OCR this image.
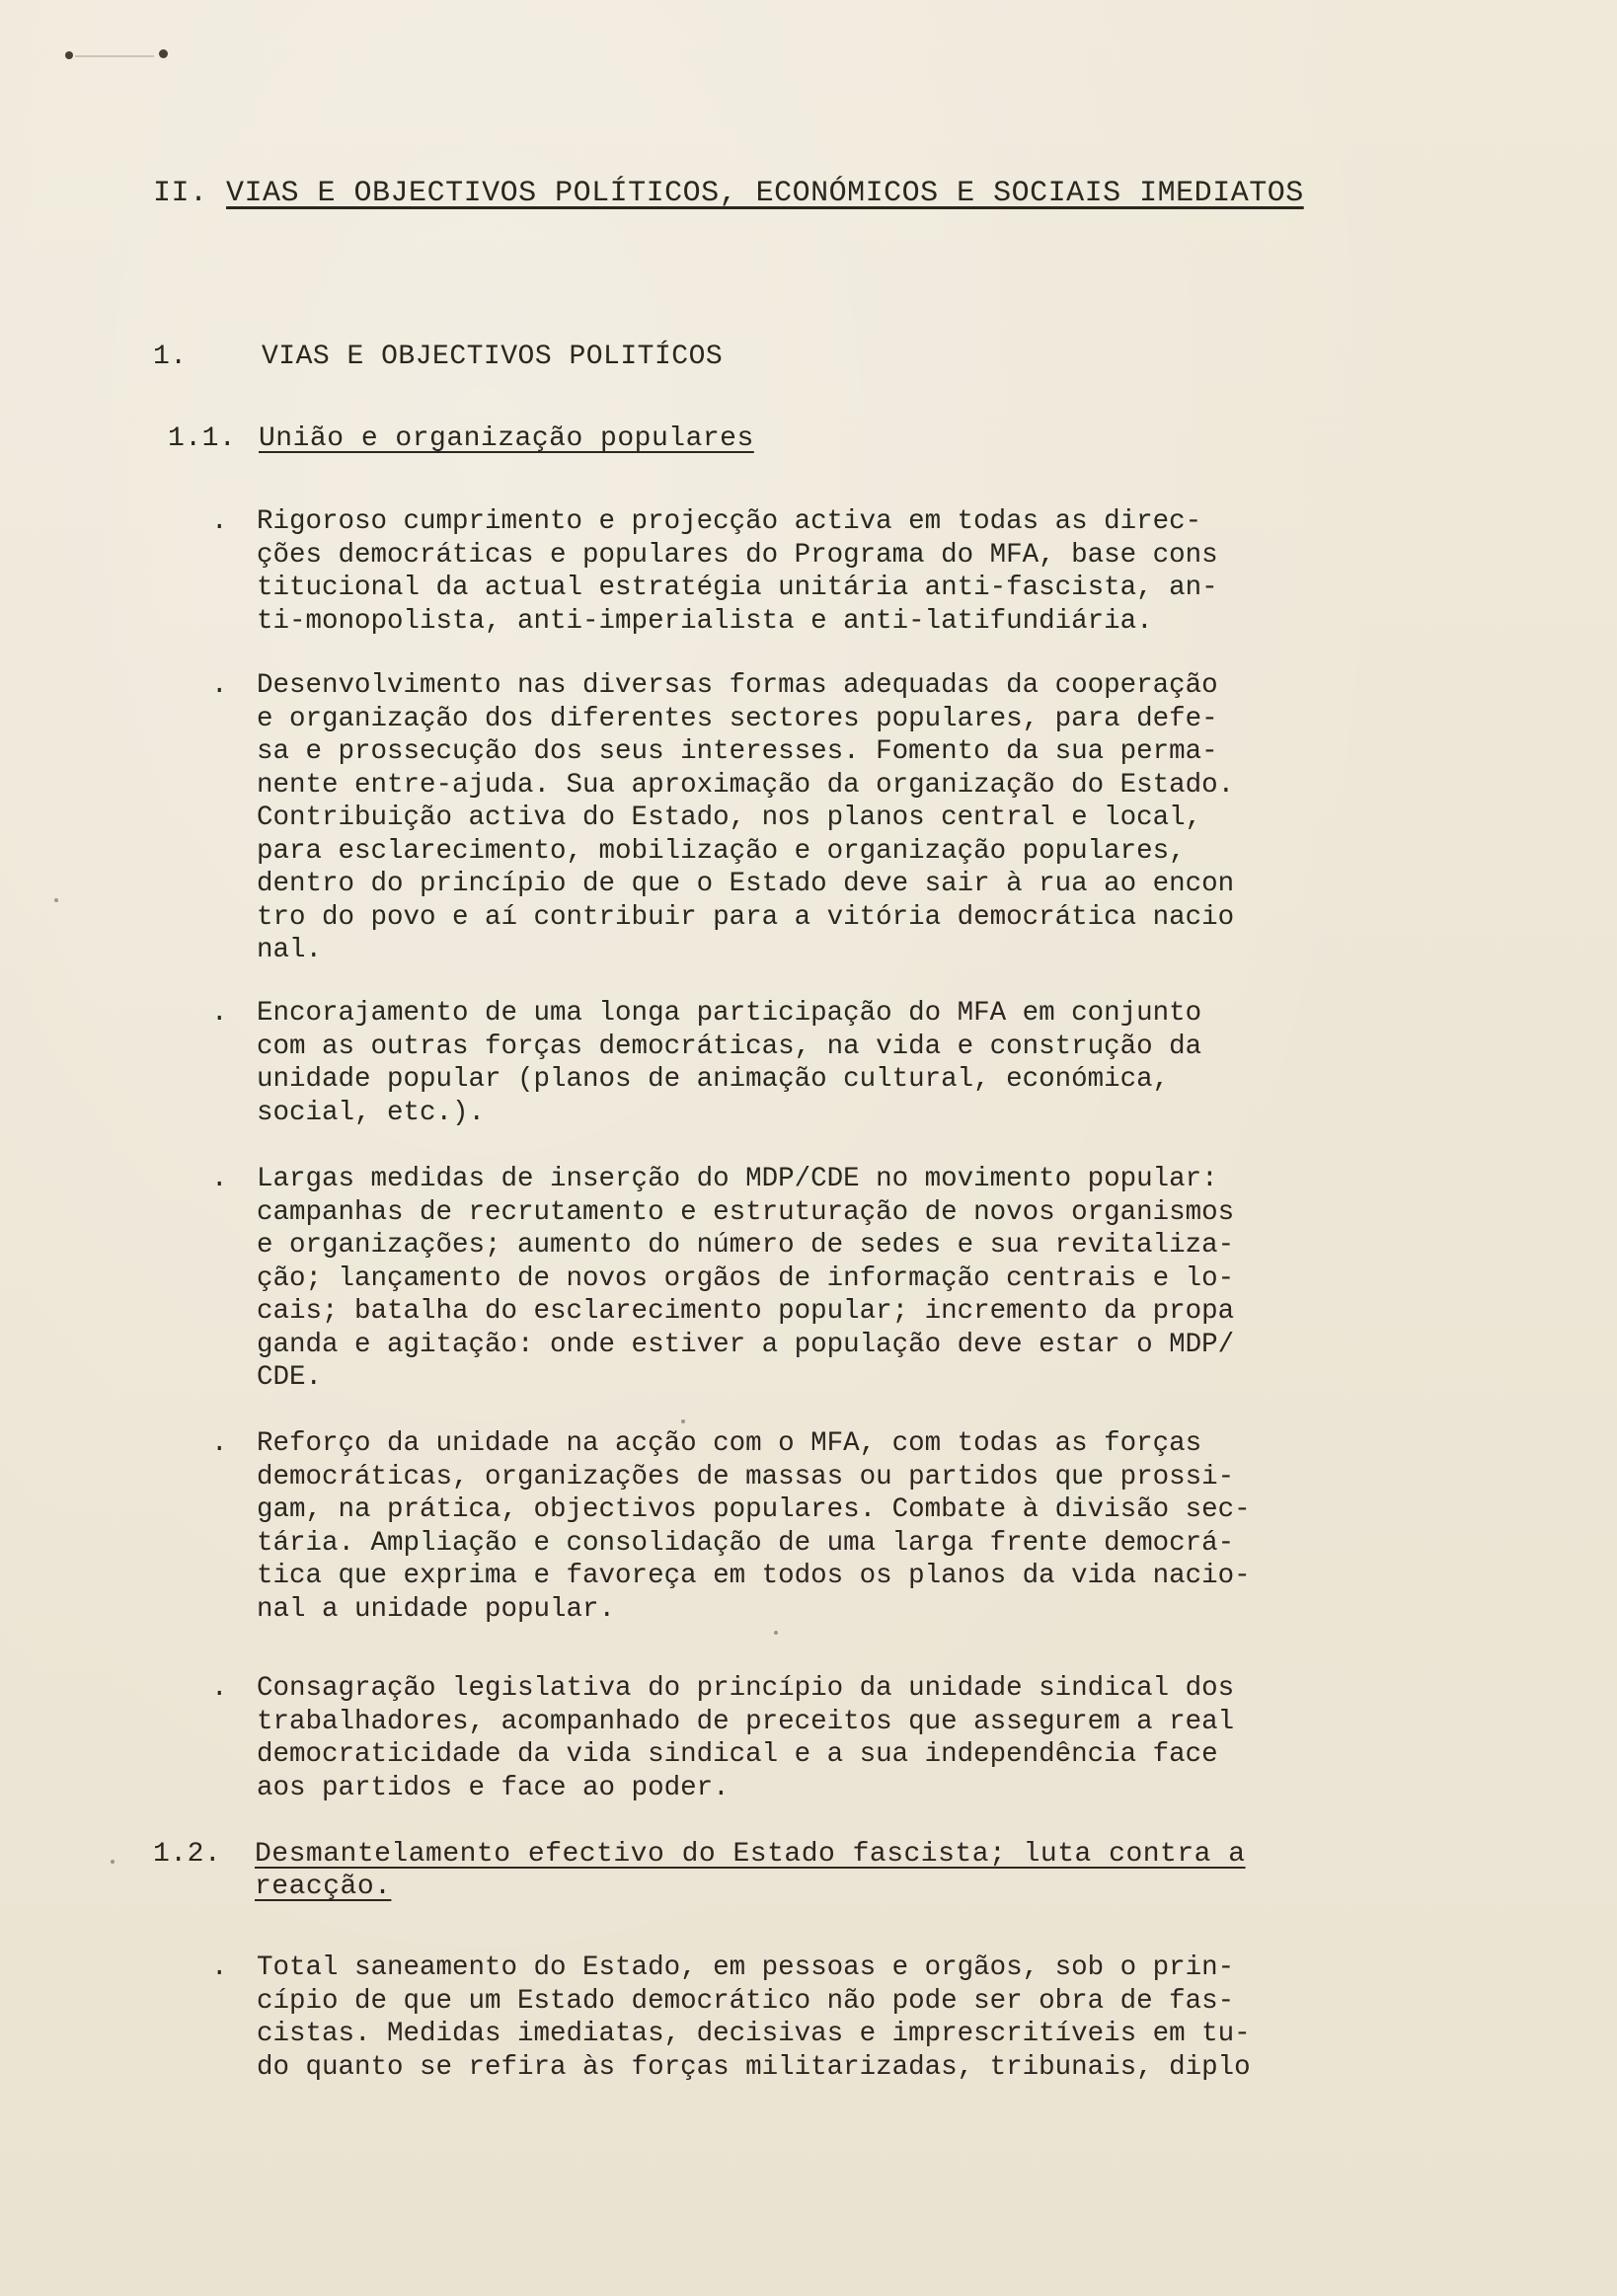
II. VIAS E OBJECTIVOS POLÍTICOS, ECONÓMICOS E SOCIAIS IMEDIATOS
1.	VIAS E OBJECTIVOS POLITÍCOS
1.1. União e organização populares
. Rigoroso cumprimento e projecção activa em todas as direc-
ções democráticas e populares do Programa do MFA, base cons
titucional da actual estratégia unitária anti-fascista, an-
ti-monopolista, anti-imperialista e anti-latifundiária.
. Desenvolvimento nas diversas formas adequadas da cooperação
e organização dos diferentes sectores populares, para defe-
sa e prossecução dos seus interesses. Fomento da sua perma-
nente entre-ajuda. Sua aproximação da organização do Estado.
Contribuição activa do Estado, nos planos central e local,
para esclarecimento, mobilização e organização populares,
dentro do princípio de que o Estado deve sair à rua ao encon
tro do povo e aí contribuir para a vitória democrática nacio
nal.
. Encorajamento de uma longa participação do MFA em conjunto
com as outras forças democráticas, na vida e construção da
unidade popular (planos de animação cultural, económica,
social, etc.).
. Largas medidas de inserção do MDP/CDE no movimento popular:
campanhas de recrutamento e estruturação de novos organismos
e organizações; aumento do número de sedes e sua revitaliza-
ção; lançamento de novos orgãos de informação centrais e lo-
cais; batalha do esclarecimento popular; incremento da propa
ganda e agitação: onde estiver a população deve estar o MDP/
CDE.
. Reforço da unidade na acção com o MFA, com todas as forças
democráticas, organizações de massas ou partidos que prossi-
gam, na prática, objectivos populares. Combate à divisão sec-
tária. Ampliação e consolidação de uma larga frente democrá-
tica que exprima e favoreça em todos os planos da vida nacio-
nal a unidade popular.
. Consagração legislativa do princípio da unidade sindical dos
trabalhadores, acompanhado de preceitos que assegurem a real
democraticidade da vida sindical e a sua independência face
aos partidos e face ao poder.
1.2. Desmantelamento efectivo do Estado fascista; luta contra a
reacção.
. Total saneamento do Estado, em pessoas e orgãos, sob o prin-
cípio de que um Estado democrático não pode ser obra de fas-
cistas. Medidas imediatas, decisivas e imprescritíveis em tu-
do quanto se refira às forças militarizadas, tribunais, diplo
